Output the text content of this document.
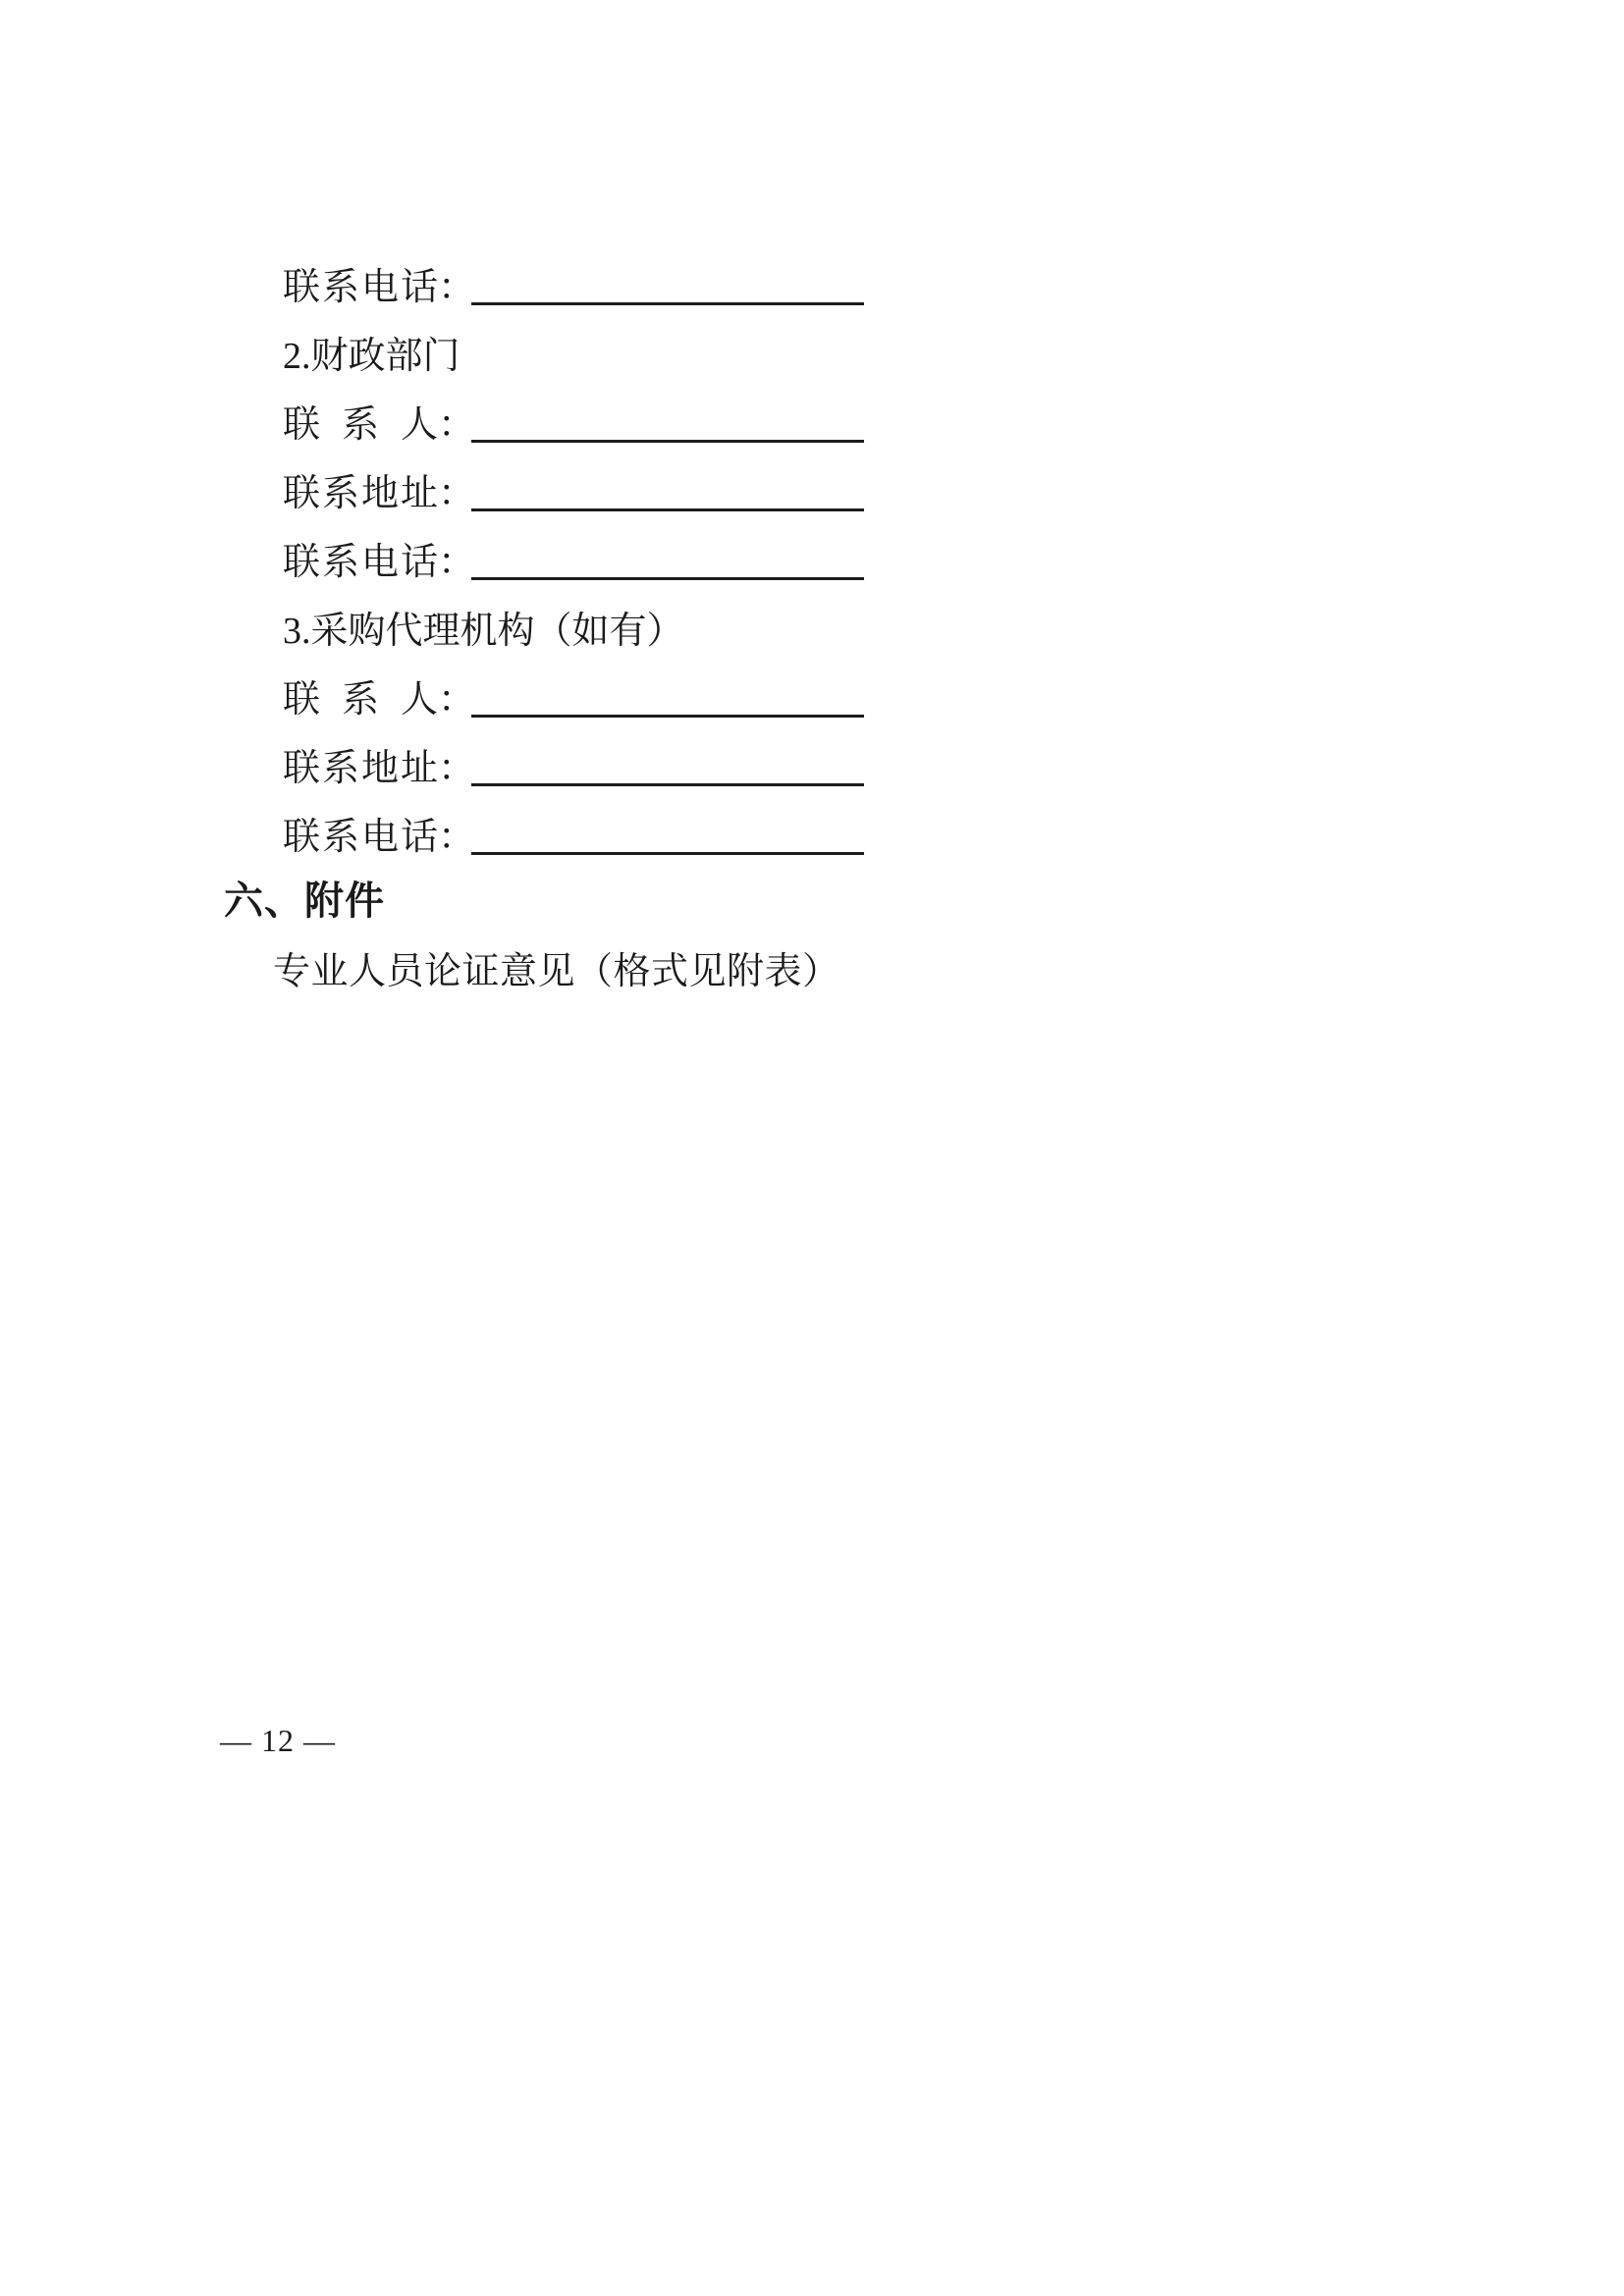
联系电话：
2.财政部门
联 系 人：
联系地址：
联系电话：
3.采购代理机构（如有）
联 系 人：
联系地址：
联系电话：
六、附件
专业人员论证意见（格式见附表）
— 12 —
